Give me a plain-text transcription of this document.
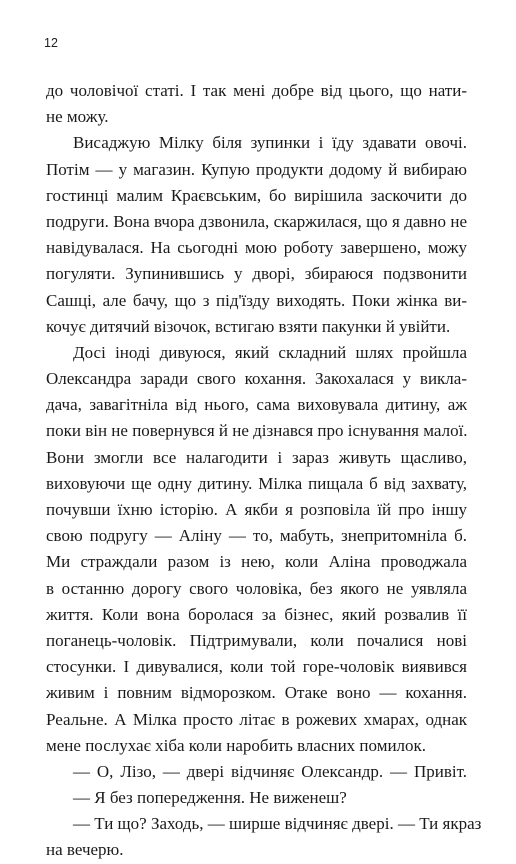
12
до чоловічої статі. І так мені добре від цього, що нати-
не можу.
Висаджую Мілку біля зупинки і їду здавати овочі.
Потім — у магазин. Купую продукти додому й вибираю
гостинці малим Краєвським, бо вирішила заскочити до
подруги. Вона вчора дзвонила, скаржилася, що я давно не
навідувалася. На сьогодні мою роботу завершено, можу
погуляти. Зупинившись у дворі, збираюся подзвонити
Сашці, але бачу, що з під'їзду виходять. Поки жінка ви-
кочує дитячий візочок, встигаю взяти пакунки й увійти.
Досі іноді дивуюся, який складний шлях пройшла
Олександра заради свого кохання. Закохалася у викла-
дача, завагітніла від нього, сама виховувала дитину, аж
поки він не повернувся й не дізнався про існування малої.
Вони змогли все налагодити і зараз живуть щасливо,
виховуючи ще одну дитину. Мілка пищала б від захвату,
почувши їхню історію. А якби я розповіла їй про іншу
свою подругу — Аліну — то, мабуть, знепритомніла б.
Ми страждали разом із нею, коли Аліна проводжала
в останню дорогу свого чоловіка, без якого не уявляла
життя. Коли вона боролася за бізнес, який розвалив її
поганець-чоловік. Підтримували, коли почалися нові
стосунки. І дивувалися, коли той горе-чоловік виявився
живим і повним відморозком. Отаке воно — кохання.
Реальне. А Мілка просто літає в рожевих хмарах, однак
мене послухає хіба коли наробить власних помилок.
— О, Лізо, — двері відчиняє Олександр. — Привіт.
— Я без попередження. Не виженеш?
— Ти що? Заходь, — ширше відчиняє двері. — Ти якраз
на вечерю.
